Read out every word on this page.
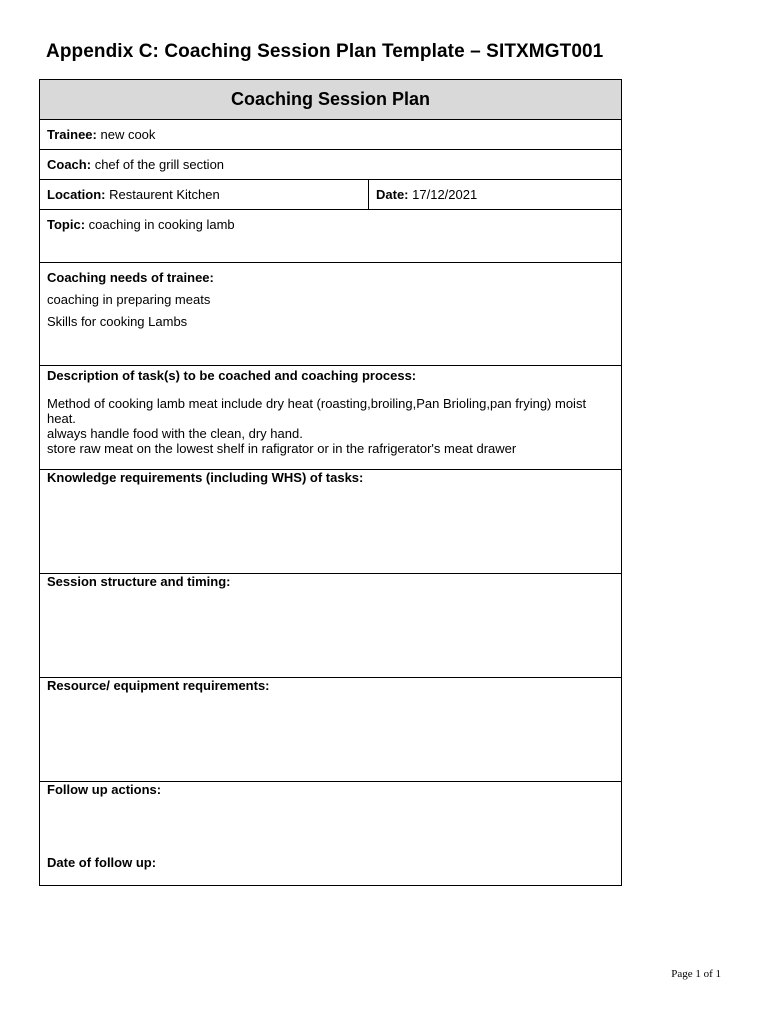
Appendix C: Coaching Session Plan Template – SITXMGT001
Coaching Session Plan
Trainee: new cook
Coach: chef of the grill section
Location: Restaurent Kitchen	Date: 17/12/2021
Topic: coaching in cooking lamb

Coaching needs of trainee:
coaching in preparing meats
Skills for cooking Lambs

Description of task(s) to be coached and coaching process:
Method of cooking lamb meat include dry heat (roasting,broiling,Pan Brioling,pan frying) moist heat.
always handle food with the clean, dry hand.
store raw meat on the lowest shelf in rafigrator or in the rafrigerator's meat drawer

Knowledge requirements (including WHS) of tasks:

Session structure and timing:

Resource/ equipment requirements:

Follow up actions:
Date of follow up:
Page 1 of 1
